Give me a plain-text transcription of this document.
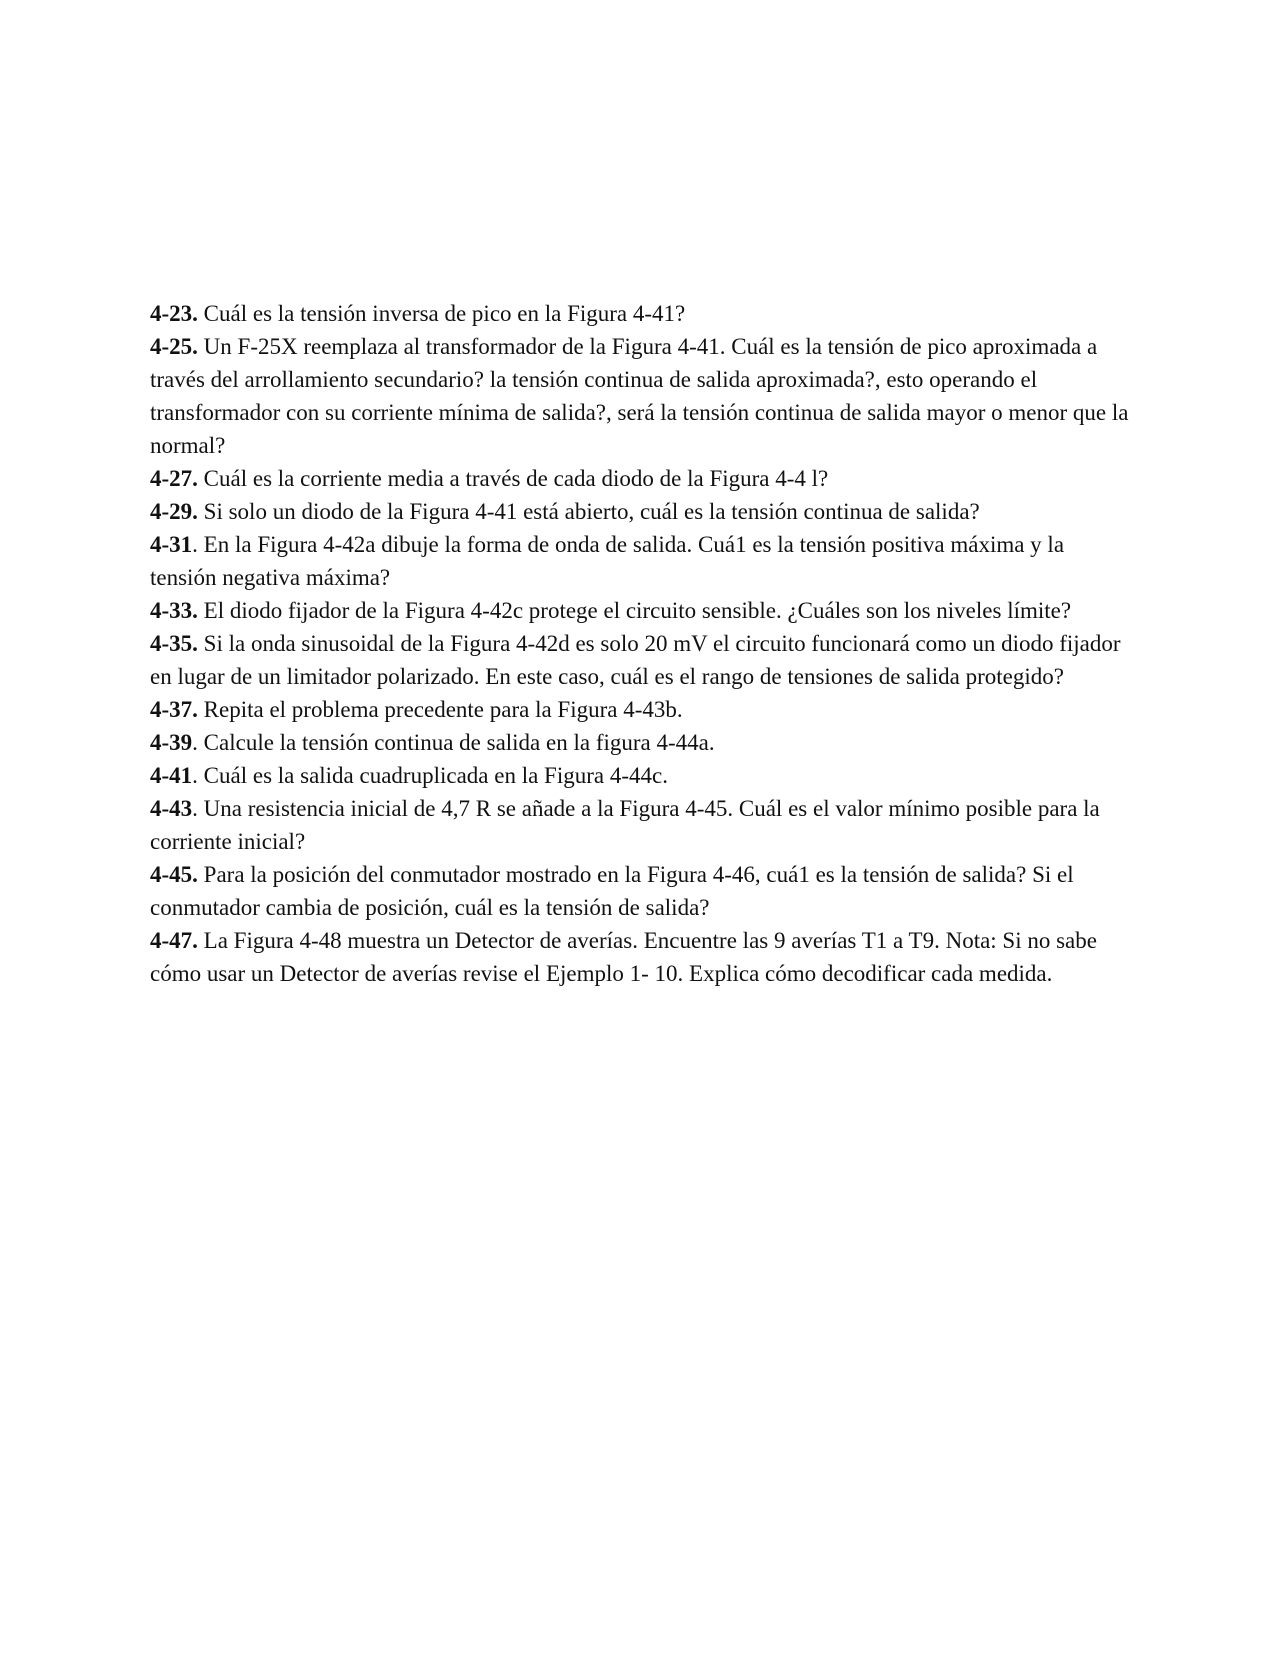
4-23. Cuál es la tensión inversa de pico en la Figura 4-41?
4-25. Un F-25X reemplaza al transformador de la Figura 4-41. Cuál es la tensión de pico aproximada a través del arrollamiento secundario? la tensión continua de salida aproximada?, esto operando el transformador con su corriente mínima de salida?, será la tensión continua de salida mayor o menor que la normal?
4-27. Cuál es la corriente media a través de cada diodo de la Figura 4-4 l?
4-29. Si solo un diodo de la Figura 4-41 está abierto, cuál es la tensión continua de salida?
4-31. En la Figura 4-42a dibuje la forma de onda de salida. Cuá1 es la tensión positiva máxima y la tensión negativa máxima?
4-33. El diodo fijador de la Figura 4-42c protege el circuito sensible. ¿Cuáles son los niveles límite?
4-35. Si la onda sinusoidal de la Figura 4-42d es solo 20 mV el circuito funcionará como un diodo fijador en lugar de un limitador polarizado. En este caso, cuál es el rango de tensiones de salida protegido?
4-37. Repita el problema precedente para la Figura 4-43b.
4-39. Calcule la tensión continua de salida en la figura 4-44a.
4-41. Cuál es la salida cuadruplicada en la Figura 4-44c.
4-43. Una resistencia inicial de 4,7 R se añade a la Figura 4-45. Cuál es el valor mínimo posible para la corriente inicial?
4-45. Para la posición del conmutador mostrado en la Figura 4-46, cuá1 es la tensión de salida? Si el conmutador cambia de posición, cuál es la tensión de salida?
4-47. La Figura 4-48 muestra un Detector de averías. Encuentre las 9 averías T1 a T9. Nota: Si no sabe cómo usar un Detector de averías revise el Ejemplo 1- 10. Explica cómo decodificar cada medida.
